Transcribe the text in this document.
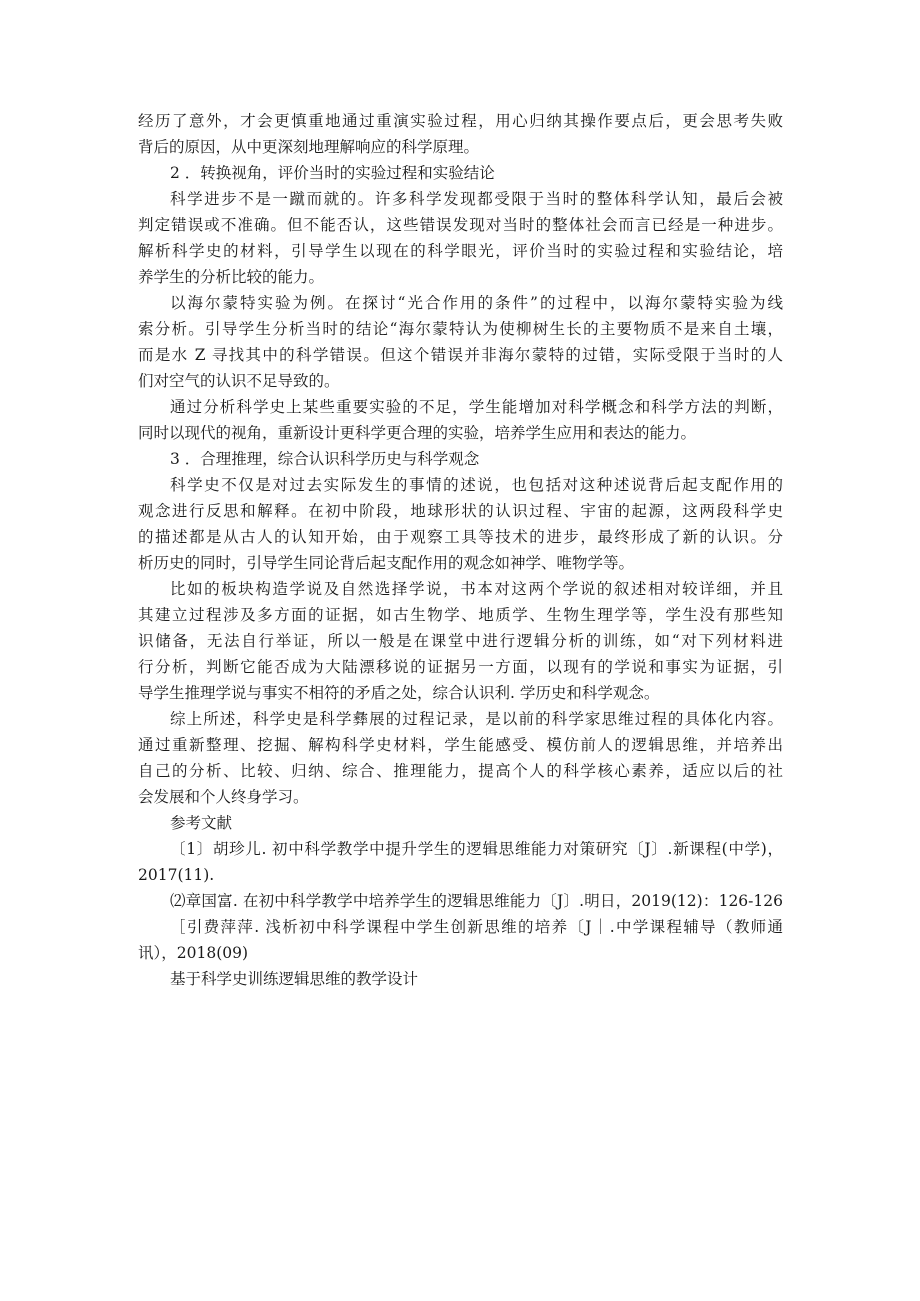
经历了意外，才会更慎重地通过重演实验过程，用心归纳其操作要点后，更会思考失败
背后的原因，从中更深刻地理解响应的科学原理。
2 ．转换视角，评价当时的实验过程和实验结论
科学进步不是一蹴而就的。许多科学发现都受限于当时的整体科学认知，最后会被
判定错误或不准确。但不能否认，这些错误发现对当时的整体社会而言已经是一种进步。
解析科学史的材料，引导学生以现在的科学眼光，评价当时的实验过程和实验结论，培
养学生的分析比较的能力。
以海尔蒙特实验为例。在探讨“光合作用的条件”的过程中，以海尔蒙特实验为线
索分析。引导学生分析当时的结论“海尔蒙特认为使柳树生长的主要物质不是来自土壤，
而是水 Z 寻找其中的科学错误。但这个错误并非海尔蒙特的过错，实际受限于当时的人
们对空气的认识不足导致的。
通过分析科学史上某些重要实验的不足，学生能增加对科学概念和科学方法的判断，
同时以现代的视角，重新设计更科学更合理的实验，培养学生应用和表达的能力。
3 ．合理推理，综合认识科学历史与科学观念
科学史不仅是对过去实际发生的事情的述说，也包括对这种述说背后起支配作用的
观念进行反思和解释。在初中阶段，地球形状的认识过程、宇宙的起源，这两段科学史
的描述都是从古人的认知开始，由于观察工具等技术的进步，最终形成了新的认识。分
析历史的同时，引导学生同论背后起支配作用的观念如神学、唯物学等。
比如的板块构造学说及自然选择学说，书本对这两个学说的叙述相对较详细，并且
其建立过程涉及多方面的证据，如古生物学、地质学、生物生理学等，学生没有那些知
识储备，无法自行举证，所以一般是在课堂中进行逻辑分析的训练，如“对下列材料进
行分析，判断它能否成为大陆漂移说的证据另一方面，以现有的学说和事实为证据，引
导学生推理学说与事实不相符的矛盾之处，综合认识利. 学历史和科学观念。
综上所述，科学史是科学彝展的过程记录，是以前的科学家思维过程的具体化内容。
通过重新整理、挖掘、解构科学史材料，学生能感受、模仿前人的逻辑思维，并培养出
自己的分析、比较、归纳、综合、推理能力，提高个人的科学核心素养，适应以后的社
会发展和个人终身学习。
参考文献
〔1〕胡珍儿. 初中科学教学中提升学生的逻辑思维能力对策研究〔J〕.新课程(中学)，
2017(11).
⑵章国富. 在初中科学教学中培养学生的逻辑思维能力〔J〕.明日，2019(12)：126-126
［引费萍萍. 浅析初中科学课程中学生创新思维的培养〔J｜.中学课程辅导（教师通
讯），2018(09)
基于科学史训练逻辑思维的教学设计
